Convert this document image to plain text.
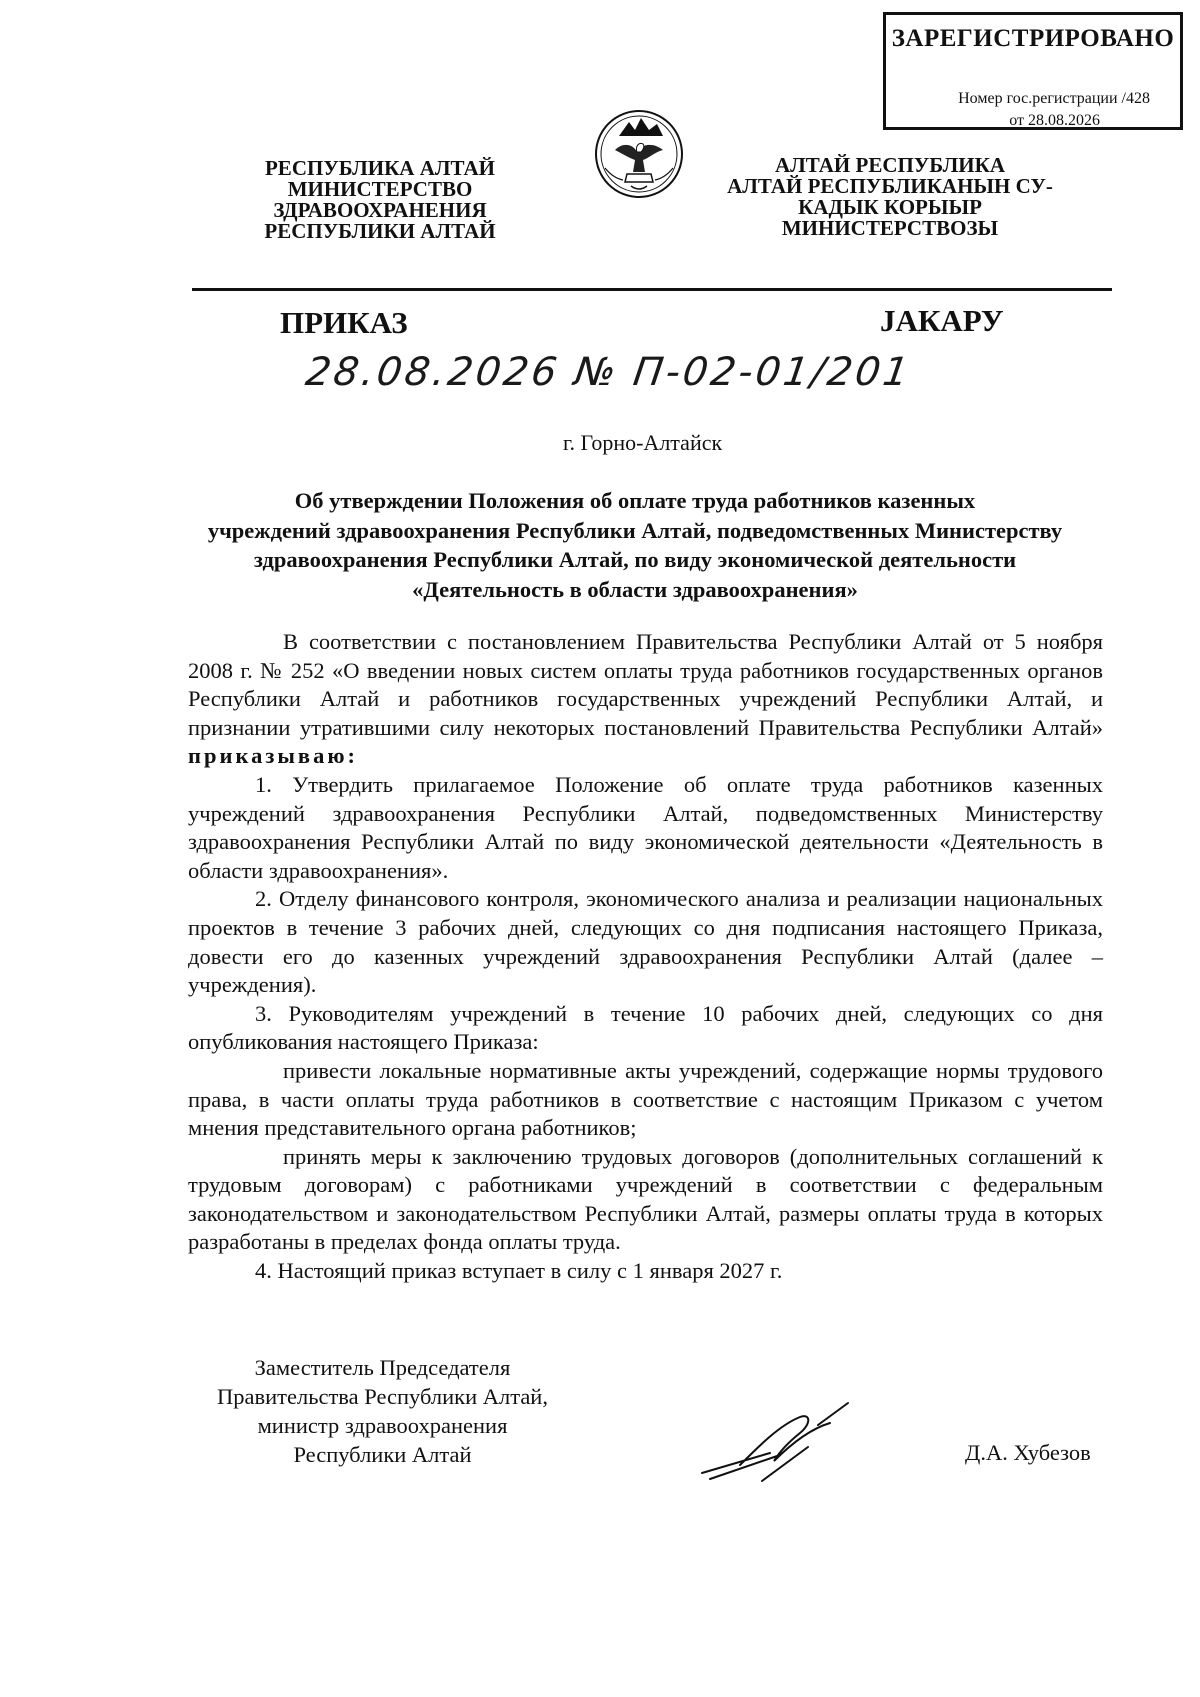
ЗАРЕГИСТРИРОВАНО
Номер гос.регистрации /428
от 28.08.2026
РЕСПУБЛИКА АЛТАЙ
МИНИСТЕРСТВО
ЗДРАВООХРАНЕНИЯ
РЕСПУБЛИКИ АЛТАЙ
АЛТАЙ РЕСПУБЛИКА
АЛТАЙ РЕСПУБЛИКАНЫН СУ-
КАДЫК КОРЫЫР
МИНИСТЕРСТВОЗЫ
ПРИКАЗ	ЈАКАРУ
28.08.2026 № П-02-01/201
г. Горно-Алтайск
Об утверждении Положения об оплате труда работников казенных
учреждений здравоохранения Республики Алтай, подведомственных Министерству
здравоохранения Республики Алтай, по виду экономической деятельности
«Деятельность в области здравоохранения»

В соответствии с постановлением Правительства Республики Алтай от 5 ноября 2008 г. № 252 «О введении новых систем оплаты труда работников государственных органов Республики Алтай и работников государственных учреждений Республики Алтай, и признании утратившими силу некоторых постановлений Правительства Республики Алтай» приказываю:

1. Утвердить прилагаемое Положение об оплате труда работников казенных учреждений здравоохранения Республики Алтай, подведомственных Министерству здравоохранения Республики Алтай по виду экономической деятельности «Деятельность в области здравоохранения».

2. Отделу финансового контроля, экономического анализа и реализации национальных проектов в течение 3 рабочих дней, следующих со дня подписания настоящего Приказа, довести его до казенных учреждений здравоохранения Республики Алтай (далее – учреждения).

3. Руководителям учреждений в течение 10 рабочих дней, следующих со дня опубликования настоящего Приказа:

привести локальные нормативные акты учреждений, содержащие нормы трудового права, в части оплаты труда работников в соответствие с настоящим Приказом с учетом мнения представительного органа работников;

принять меры к заключению трудовых договоров (дополнительных соглашений к трудовым договорам) с работниками учреждений в соответствии с федеральным законодательством и законодательством Республики Алтай, размеры оплаты труда в которых разработаны в пределах фонда оплаты труда.

4. Настоящий приказ вступает в силу с 1 января 2027 г.

Заместитель Председателя
Правительства Республики Алтай,
министр здравоохранения
Республики Алтай	Д.А. Хубезов
